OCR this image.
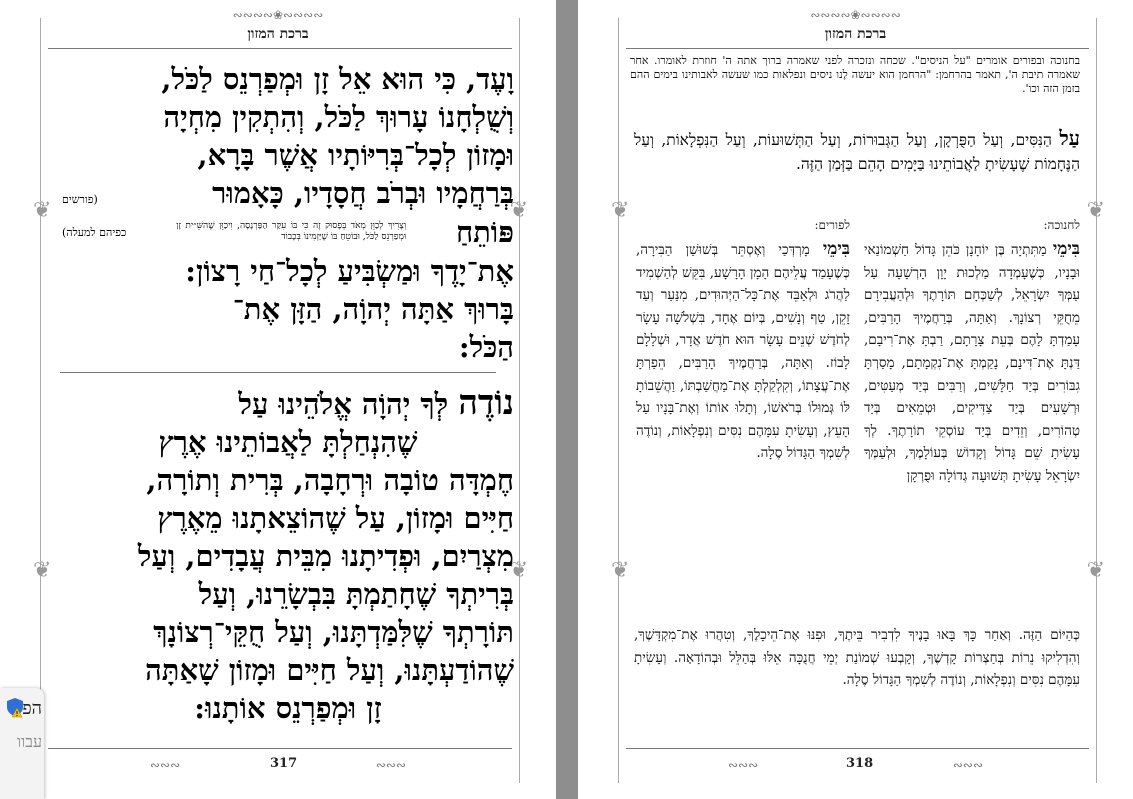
❦
❦
❦
❦
∾∾∾∾❀∾∾∾∾
ברכת המזון
וָעֶד, כִּי הוּא אֵל זָן וּמְפַרְנֵס לַכֹּל,
וְשֻׁלְחָנוֹ עָרוּךְ לַכֹּל, וְהִתְקִין מִחְיָה
וּמָזוֹן לְכָל־בְּרִיּוֹתָיו אֲשֶׁר בָּרָא,
בְּרַחֲמָיו וּבְרֹב חֲסָדָיו, כָּאָמוּר
(פורשים
פּוֹתֵחַ
וְצָרִיךְ לְכַוֵּן מְאֹד בְּפָסוּק זֶה כִּי בּוֹ עִקַּר הַפַּרְנָסָה, וִיכַוֵּן שֶׁהשֵּׁ״ית זָן וּמְפַרְנֵס לַכֹּל, וּבוֹטֵחַ בּוֹ שֶׁיַּזְמִינוֹ בְּכָבוֹד
כפיהם למעלה)
אֶת־יָדֶךָ וּמַשְׂבִּיעַ לְכָל־חַי רָצוֹן:
בָּרוּךְ אַתָּה יְהוָֹה, הַזָּן אֶת־
הַכֹּל:
נוֹדֶה לְּךָ יְהוָֹה אֱלֹהֵינוּ עַל
שֶׁהִנְחַלְתָּ לַאֲבוֹתֵינוּ אֶרֶץ
חֶמְדָּה טוֹבָה וּרְחָבָה, בְּרִית וְתוֹרָה,
חַיִּים וּמָזוֹן, עַל שֶׁהוֹצֵאתָנוּ מֵאֶרֶץ
מִצְרַיִם, וּפְדִיתָנוּ מִבֵּית עֲבָדִים, וְעַל
בְּרִיתְךָ שֶׁחָתַמְתָּ בִּבְשָׂרֵנוּ, וְעַל
תּוֹרָתְךָ שֶׁלִּמַּדְתָּנוּ, וְעַל חֻקֵּי־רְצוֹנָךְ
שֶׁהוֹדַעְתָּנוּ, וְעַל חַיִּים וּמָזוֹן שָׁאַתָּה
זָן וּמְפַרְנֵס אוֹתָנוּ:
317	∾∾∾
∾∾∾
❦
❦
❦
❦
∾∾∾∾❀∾∾∾∾
ברכת המזון
בחנוכה ובפורים אומרים "על הניסים". שכחה ונזכרה לפני שאמרה ברוך אתה ה' חוזרת לאומרו. אחר שאמרה תיבת ה', תאמר בהרחמן: "הרחמן הוא יעשה לָנו ניסים ונפלאות כמו שעשה לאבותינו בימים ההם בזמן הזה וכו'.
עַל הַנִּסִּים, וְעַל הַפֻּרְקָן, וְעַל הַגְּבוּרוֹת, וְעַל הַתְּשׁוּעוֹת, וְעַל הַנִּפְלָאוֹת, וְעַל הַנֶּחָמוֹת שֶׁעָשִׂיתָ לַאֲבוֹתֵינוּ בַּיָּמִים הָהֵם בַּזְּמַן הַזֶּה.
לחנוכה:
לפורים:
בִּימֵי מַתִּתְיָה בֶּן יוֹחָנָן כֹּהֵן גָּדוֹל חַשְׁמוֹנַאי וּבָנָיו, כְּשֶׁעָמְדָה מַלְכוּת יָוָן הָרְשָׁעָה עַל עַמְּךָ יִשְׂרָאֵל, לְשַׁכְּחָם תּוֹרָתֶךָ וּלְהַעֲבִירָם מֵחֻקֵּי רְצוֹנָךְ. וְאַתָּה, בְּרַחֲמֶיךָ הָרַבִּים, עָמַדְתָּ לָהֶם בְּעֵת צָרָתָם, רַבְתָּ אֶת־רִיבָם, דַּנְתָּ אֶת־דִּינָם, נָקַמְתָּ אֶת־נִקְמָתָם, מָסַרְתָּ גִבּוֹרִים בְּיַד חַלָּשִׁים, וְרַבִּים בְּיַד מְעַטִּים, וּרְשָׁעִים בְּיַד צַדִּיקִים, וּטְמֵאִים בְּיַד טְהוֹרִים, וְזֵדִים בְּיַד עוֹסְקֵי תוֹרָתֶךָ. לְךָ עָשִׂיתָ שֵׁם גָּדוֹל וְקָדוֹשׁ בְּעוֹלָמֶךָ, וּלְעַמְּךָ יִשְׂרָאֵל עָשִׂיתָ תְּשׁוּעָה גְדוֹלָה וּפֻרְקָן
בִּימֵי מָרְדְּכַי וְאֶסְתֵּר בְּשׁוּשַׁן הַבִּירָה, כְּשֶׁעָמַד עֲלֵיהֶם הָמָן הָרָשָׁע, בִּקֵּשׁ לְהַשְׁמִיד לַהֲרֹג וּלְאַבֵּד אֶת־כָּל־הַיְּהוּדִים, מִנַּעַר וְעַד זָקֵן, טַף וְנָשִׁים, בְּיוֹם אֶחָד, בִּשְׁלֹשָׁה עָשָׂר לְחֹדֶשׁ שְׁנֵים עָשָׂר הוּא חֹדֶשׁ אֲדָר, וּשְׁלָלָם לָבוֹז. וְאַתָּה, בְּרַחֲמֶיךָ הָרַבִּים, הֵפַרְתָּ אֶת־עֲצָתוֹ, וְקִלְקַלְתָּ אֶת־מַחֲשַׁבְתּוֹ, וַהֲשֵׁבוֹתָ לּוֹ גְּמוּלוֹ בְּרֹאשׁוֹ, וְתָלוּ אוֹתוֹ וְאֶת־בָּנָיו עַל הָעֵץ, וְעָשִׂיתָ עִמָּהֶם נִסִּים וְנִפְלָאוֹת, וְנוֹדֶה לְשִׁמְךָ הַגָּדוֹל סֶלָה.
כְּהַיּוֹם הַזֶּה. וְאַחַר כָּךְ בָּאוּ בָנֶיךָ לִדְבִיר בֵּיתֶךָ, וּפִנּוּ אֶת־הֵיכָלֶךָ, וְטִהֲרוּ אֶת־מִקְדָּשֶׁךָ, וְהִדְלִיקוּ נֵרוֹת בְּחַצְרוֹת קָדְשֶׁךָ, וְקָבְעוּ שְׁמוֹנַת יְמֵי חֲנֻכָּה אֵלּוּ בְּהַלֵּל וּבְהוֹדָאָה. וְעָשִׂיתָ עִמָּהֶם נִסִּים וְנִפְלָאוֹת, וְנוֹדֶה לְשִׁמְךָ הַגָּדוֹל סֶלָה.
318	∾∾∾
∾∾∾
הפ
עבוו
